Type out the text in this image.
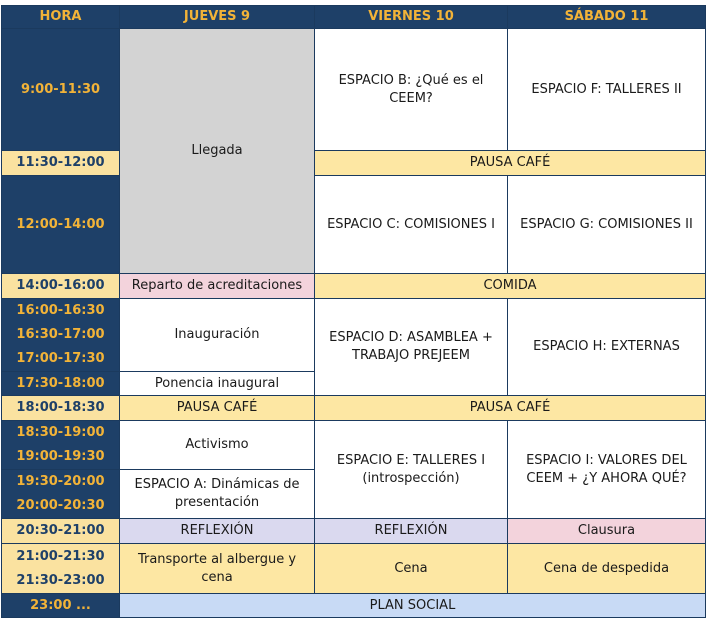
HORA	JUEVES 9	VIERNES 10	SÁBADO 11
9:00-11:30	Llegada	ESPACIO B: ¿Qué es el CEEM?	ESPACIO F: TALLERES II
11:30-12:00		PAUSA CAFÉ	
12:00-14:00		ESPACIO C: COMISIONES I	ESPACIO G: COMISIONES II
14:00-16:00	Reparto de acreditaciones	COMIDA	

16:00-16:30
16:30-17:00
17:00-17:30	Inauguración	ESPACIO D: ASAMBLEA + TRABAJO PREJEEM	ESPACIO H: EXTERNAS
17:30-18:00	Ponencia inaugural		
18:00-18:30	PAUSA CAFÉ	PAUSA CAFÉ	

18:30-19:00
19:00-19:30	Activismo	ESPACIO E: TALLERES I (introspección)	ESPACIO I: VALORES DEL CEEM + ¿Y AHORA QUÉ?

19:30-20:00
20:00-20:30	ESPACIO A: Dinámicas de presentación		
20:30-21:00	REFLEXIÓN	REFLEXIÓN	Clausura

21:00-21:30
21:30-23:00	Transporte al albergue y cena	Cena	Cena de despedida
23:00 ...	PLAN SOCIAL		
